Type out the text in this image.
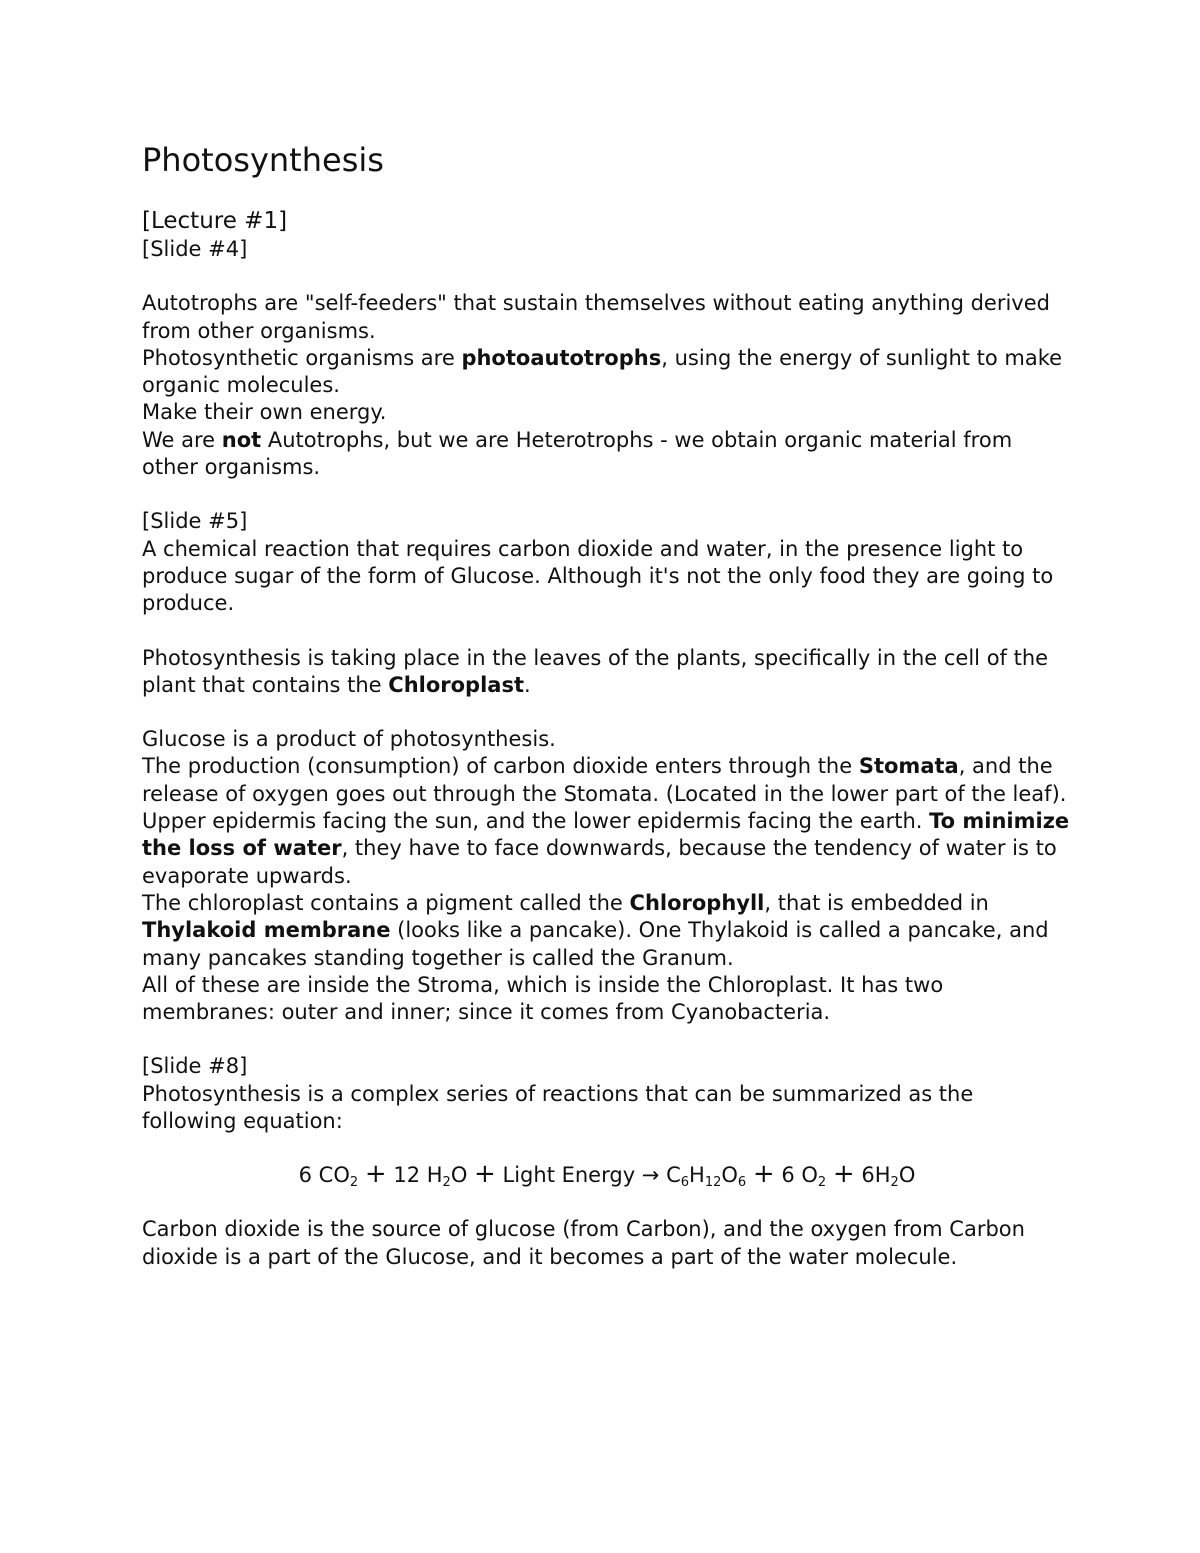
Photosynthesis

[Lecture #1]

[Slide #4]

Autotrophs are "self-feeders" that sustain themselves without eating anything derived from other organisms.

Photosynthetic organisms are photoautotrophs, using the energy of sunlight to make organic molecules.

Make their own energy.

We are not Autotrophs, but we are Heterotrophs - we obtain organic material from other organisms.

[Slide #5]

A chemical reaction that requires carbon dioxide and water, in the presence light to produce sugar of the form of Glucose. Although it's not the only food they are going to produce.

Photosynthesis is taking place in the leaves of the plants, specifically in the cell of the plant that contains the Chloroplast.

Glucose is a product of photosynthesis.

The production (consumption) of carbon dioxide enters through the Stomata, and the release of oxygen goes out through the Stomata. (Located in the lower part of the leaf).

Upper epidermis facing the sun, and the lower epidermis facing the earth. To minimize the loss of water, they have to face downwards, because the tendency of water is to evaporate upwards.

The chloroplast contains a pigment called the Chlorophyll, that is embedded in Thylakoid membrane (looks like a pancake). One Thylakoid is called a pancake, and many pancakes standing together is called the Granum.

All of these are inside the Stroma, which is inside the Chloroplast. It has two membranes: outer and inner; since it comes from Cyanobacteria.

[Slide #8]

Photosynthesis is a complex series of reactions that can be summarized as the following equation:

6 $CO_2 + 12$ $H_2O$ + Light Energy → $C_6H_{12}O_6 + 6$ $O_2 + 6H_2O$

Carbon dioxide is the source of glucose (from Carbon), and the oxygen from Carbon dioxide is a part of the Glucose, and it becomes a part of the water molecule.
